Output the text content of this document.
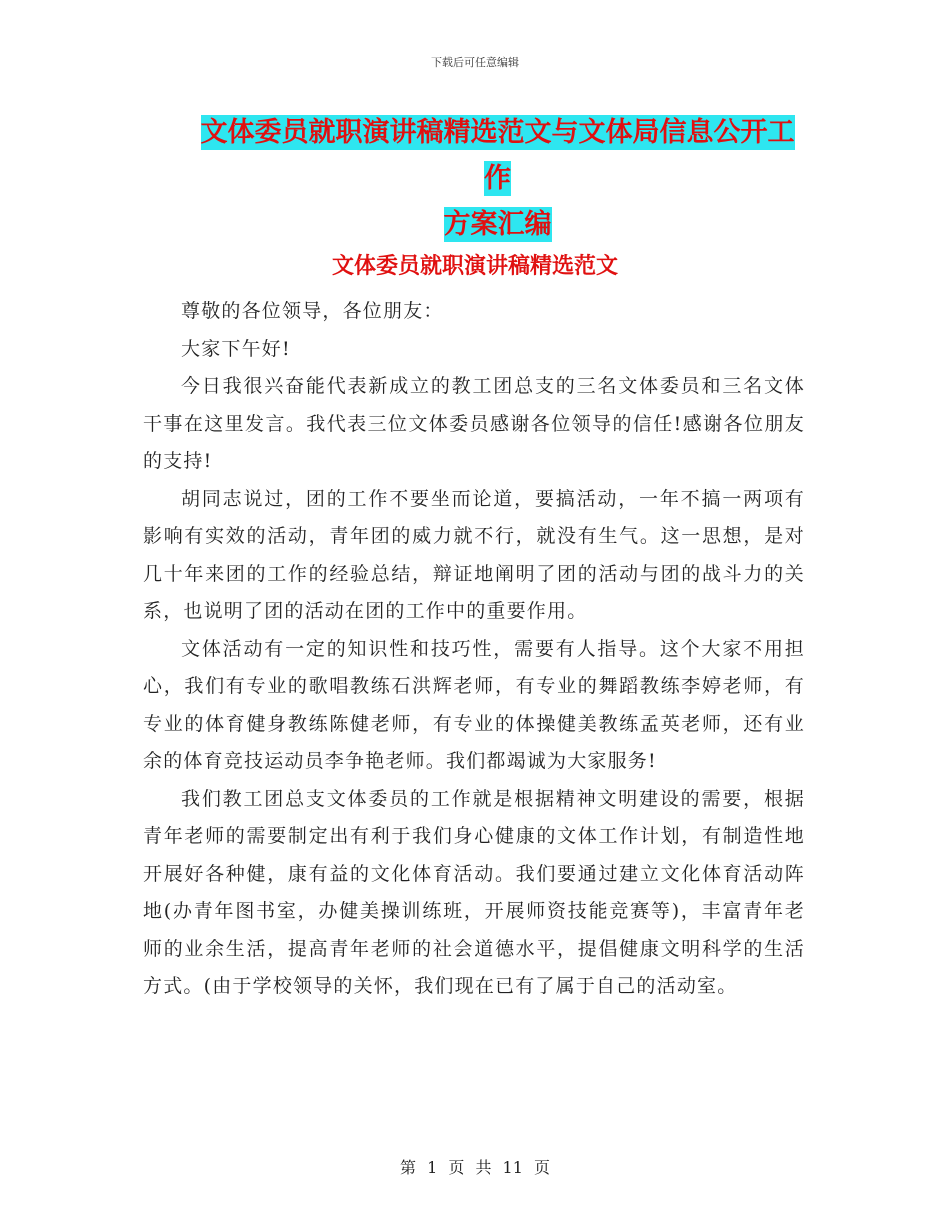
下载后可任意编辑
文体委员就职演讲稿精选范文与文体局信息公开工作
方案汇编
文体委员就职演讲稿精选范文

尊敬的各位领导，各位朋友：

大家下午好!

今日我很兴奋能代表新成立的教工团总支的三名文体委员和三名文体干事在这里发言。我代表三位文体委员感谢各位领导的信任!感谢各位朋友的支持!

胡同志说过，团的工作不要坐而论道，要搞活动，一年不搞一两项有影响有实效的活动，青年团的威力就不行，就没有生气。这一思想，是对几十年来团的工作的经验总结，辩证地阐明了团的活动与团的战斗力的关系，也说明了团的活动在团的工作中的重要作用。

文体活动有一定的知识性和技巧性，需要有人指导。这个大家不用担心，我们有专业的歌唱教练石洪辉老师，有专业的舞蹈教练李婷老师，有专业的体育健身教练陈健老师，有专业的体操健美教练孟英老师，还有业余的体育竞技运动员李争艳老师。我们都竭诚为大家服务!

我们教工团总支文体委员的工作就是根据精神文明建设的需要，根据青年老师的需要制定出有利于我们身心健康的文体工作计划，有制造性地开展好各种健，康有益的文化体育活动。我们要通过建立文化体育活动阵地(办青年图书室，办健美操训练班，开展师资技能竞赛等)，丰富青年老师的业余生活，提高青年老师的社会道德水平，提倡健康文明科学的生活方式。(由于学校领导的关怀，我们现在已有了属于自己的活动室。

第 1 页 共 11 页
